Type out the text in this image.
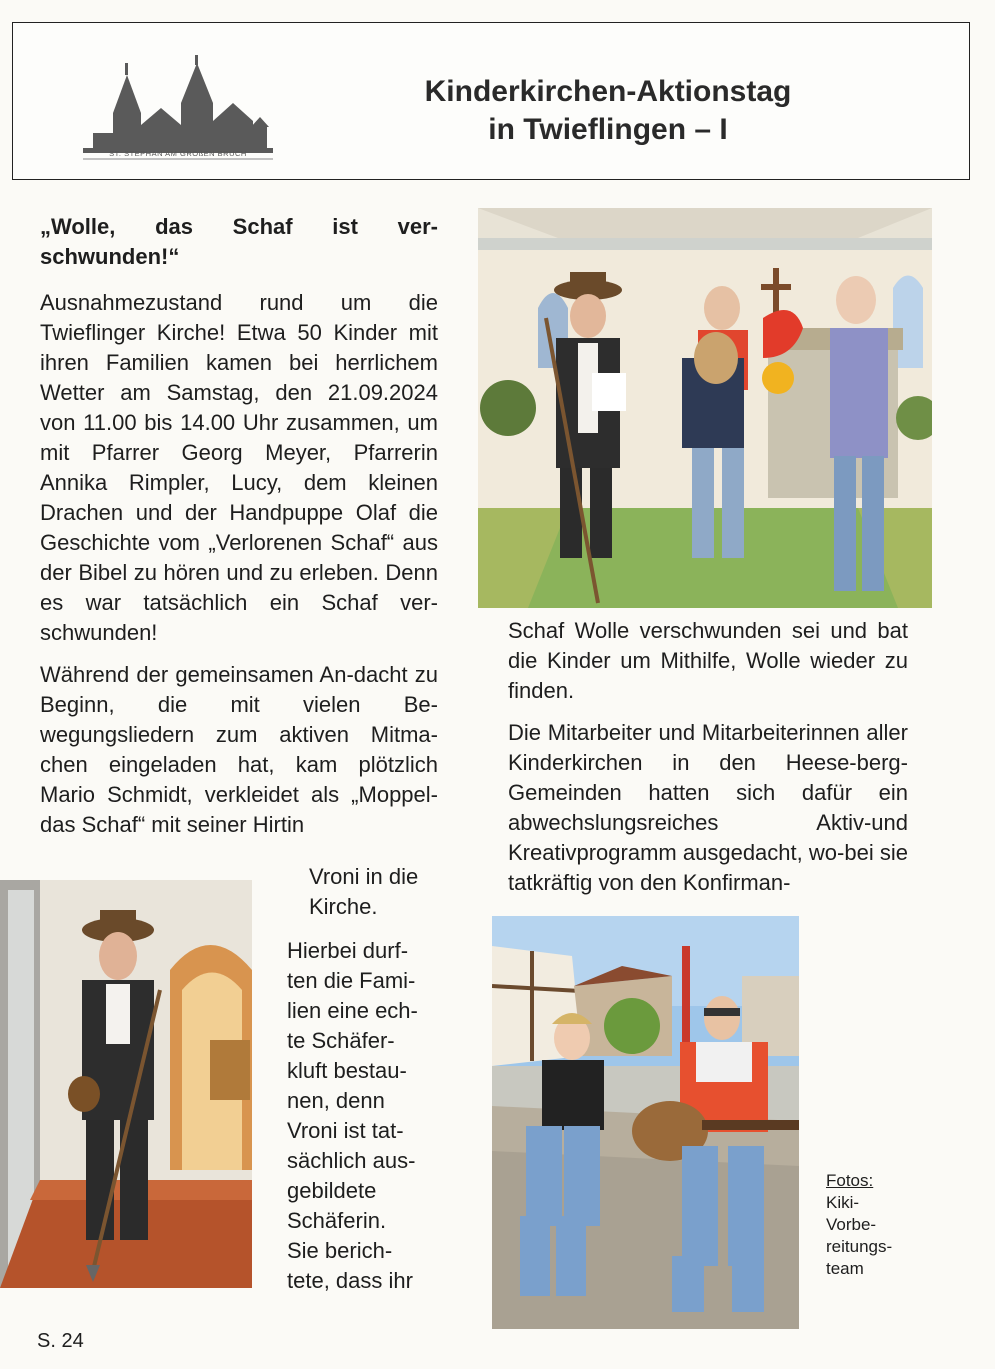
ST. STEPHAN AM GROßEN BRUCH
Kinderkirchen-Aktionstag
in Twieflingen – I

„Wolle, das Schaf ist ver-schwunden!“

Ausnahmezustand rund um die Twieflinger Kirche! Etwa 50 Kinder mit ihren Familien kamen bei herrlichem Wetter am Samstag, den 21.09.2024 von 11.00 bis 14.00 Uhr zusammen, um mit Pfarrer Georg Meyer, Pfarrerin Annika Rimpler, Lucy, dem kleinen Drachen und der Handpuppe Olaf die Geschichte vom „Verlorenen Schaf“ aus der Bibel zu hören und zu erleben. Denn es war tatsächlich ein Schaf ver-schwunden!

Während der gemeinsamen An-dacht zu Beginn, die mit vielen Be-wegungsliedern zum aktiven Mitma-chen eingeladen hat, kam plötzlich Mario Schmidt, verkleidet als „Moppel- das Schaf“ mit seiner Hirtin

Vroni in die
Kirche.
Hierbei durf-
ten die Fami-
lien eine ech-
te Schäfer-
kluft bestau-
nen, denn
Vroni ist tat-
sächlich aus-
gebildete
Schäferin.
Sie berich-
tete, dass ihr

Schaf Wolle verschwunden sei und bat die Kinder um Mithilfe, Wolle wieder zu finden.

Die Mitarbeiter und Mitarbeiterinnen aller Kinderkirchen in den Heese-berg- Gemeinden hatten sich dafür ein abwechslungsreiches Aktiv-und Kreativprogramm ausgedacht, wo-bei sie tatkräftig von den Konfirman-

Fotos:
Kiki-
Vorbe-
reitungs-
team
S. 24
